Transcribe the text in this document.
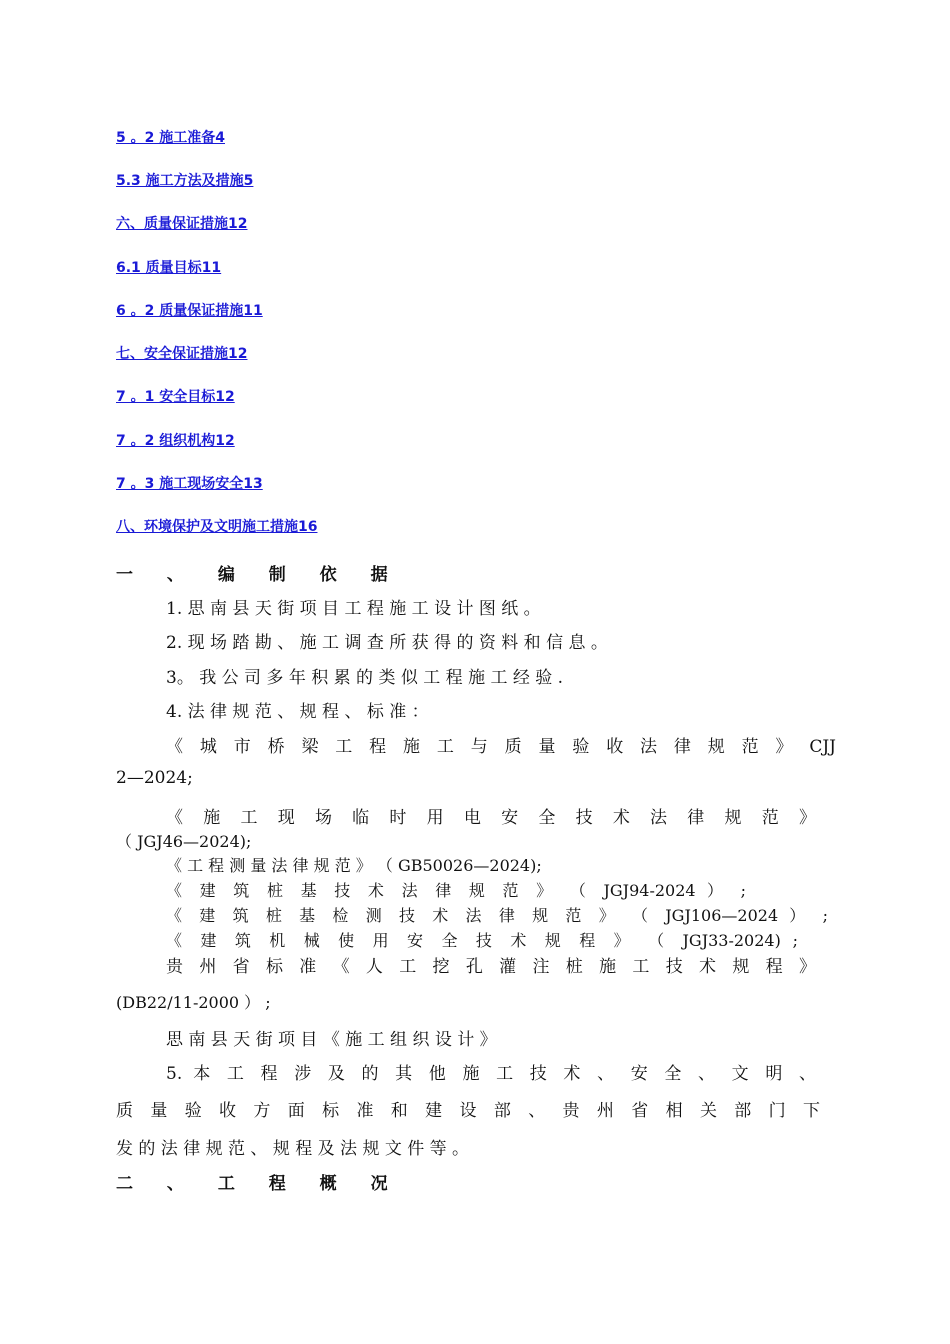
5 。2 施工准备4

5.3 施工方法及措施5

六、质量保证措施12

6.1 质量目标11

6 。2 质量保证措施11

七、安全保证措施12

7 。1 安全目标12

7 。2 组织机构12

7 。3 施工现场安全13

八、环境保护及文明施工措施16

一 、 编 制 依 据

1. 思 南 县 天 街 项 目 工 程 施 工 设 计 图 纸 。

2. 现 场 踏 勘 、 施 工 调 查 所 获 得 的 资 料 和 信 息 。

3。 我 公 司 多 年 积 累 的 类 似 工 程 施 工 经 验 .

4. 法 律 规 范 、 规 程 、 标 准 ：

《 城 市 桥 梁 工 程 施 工 与 质 量 验 收 法 律 规 范 》 CJJ

2—2024;

《 施 工 现 场 临 时 用 电 安 全 技 术 法 律 规 范 》

（ JGJ46—2024);

《 工 程 测 量 法 律 规 范 》 （ GB50026—2024);

《 建 筑 桩 基 技 术 法 律 规 范 》 （ JGJ94-2024 ） ;

《 建 筑 桩 基 检 测 技 术 法 律 规 范 》 （ JGJ106—2024 ） ;

《 建 筑 机 械 使 用 安 全 技 术 规 程 》 （ JGJ33-2024) ;

贵 州 省 标 准 《 人 工 挖 孔 灌 注 桩 施 工 技 术 规 程 》

(DB22/11-2000 ） ;

思 南 县 天 街 项 目 《 施 工 组 织 设 计 》

5. 本 工 程 涉 及 的 其 他 施 工 技 术 、 安 全 、 文 明 、

质 量 验 收 方 面 标 准 和 建 设 部 、 贵 州 省 相 关 部 门 下

发 的 法 律 规 范 、 规 程 及 法 规 文 件 等 。

二 、 工 程 概 况
